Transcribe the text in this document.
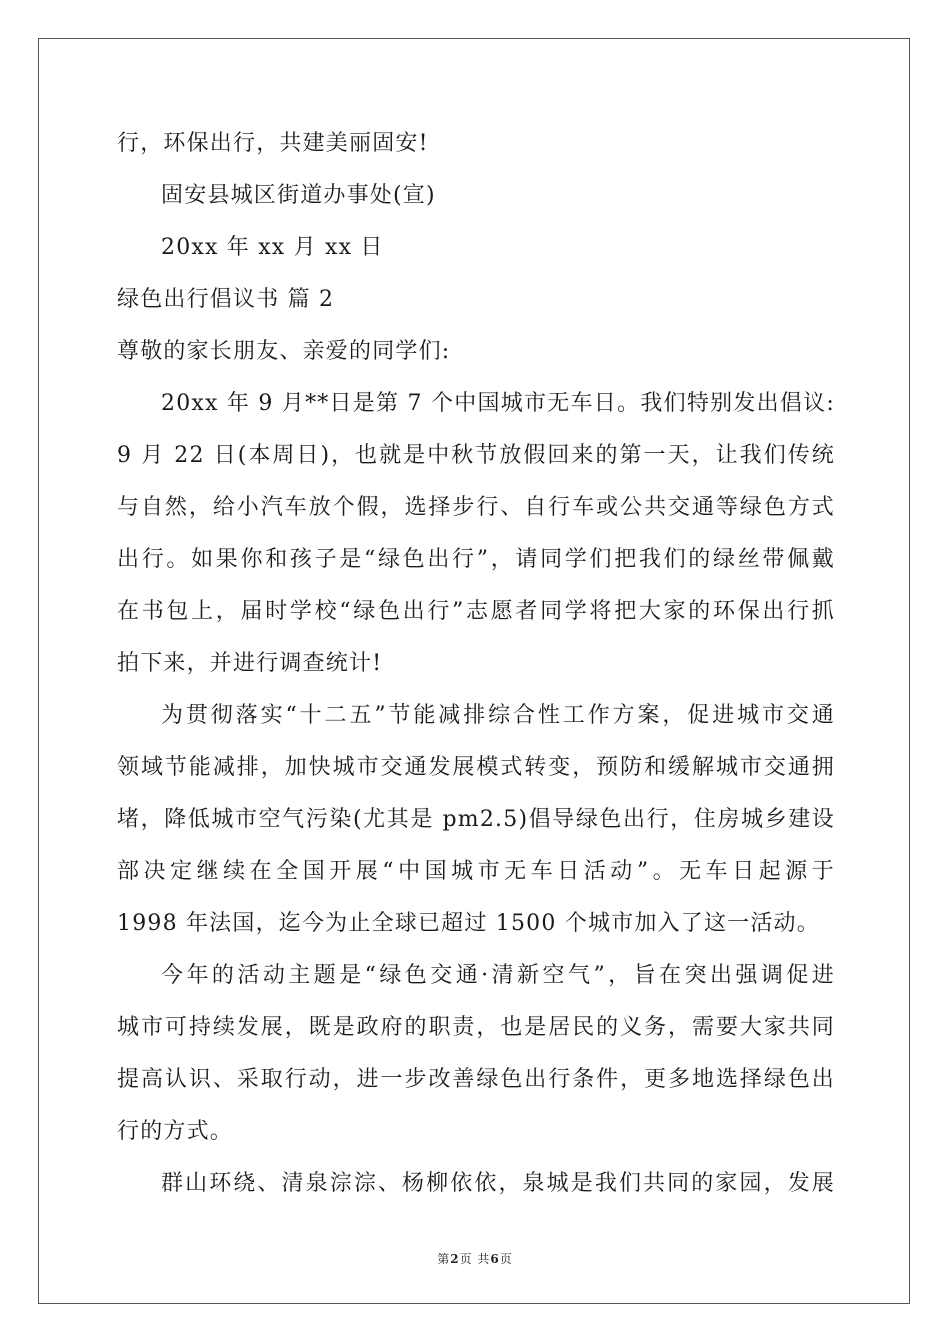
行，环保出行，共建美丽固安!
固安县城区街道办事处(宣)
20xx 年 xx 月 xx 日
绿色出行倡议书 篇 2
尊敬的家长朋友、亲爱的同学们:
20xx 年 9 月**日是第 7 个中国城市无车日。我们特别发出倡议:
9 月 22 日(本周日)，也就是中秋节放假回来的第一天，让我们传统
与自然，给小汽车放个假，选择步行、自行车或公共交通等绿色方式
出行。如果你和孩子是“绿色出行”，请同学们把我们的绿丝带佩戴
在书包上，届时学校“绿色出行”志愿者同学将把大家的环保出行抓
拍下来，并进行调查统计!
为贯彻落实“十二五”节能减排综合性工作方案，促进城市交通
领域节能减排，加快城市交通发展模式转变，预防和缓解城市交通拥
堵，降低城市空气污染(尤其是 pm2.5)倡导绿色出行，住房城乡建设
部决定继续在全国开展“中国城市无车日活动”。无车日起源于
1998 年法国，迄今为止全球已超过 1500 个城市加入了这一活动。
今年的活动主题是“绿色交通·清新空气”，旨在突出强调促进
城市可持续发展，既是政府的职责，也是居民的义务，需要大家共同
提高认识、采取行动，进一步改善绿色出行条件，更多地选择绿色出
行的方式。
群山环绕、清泉淙淙、杨柳依依，泉城是我们共同的家园，发展
第2页 共6页
